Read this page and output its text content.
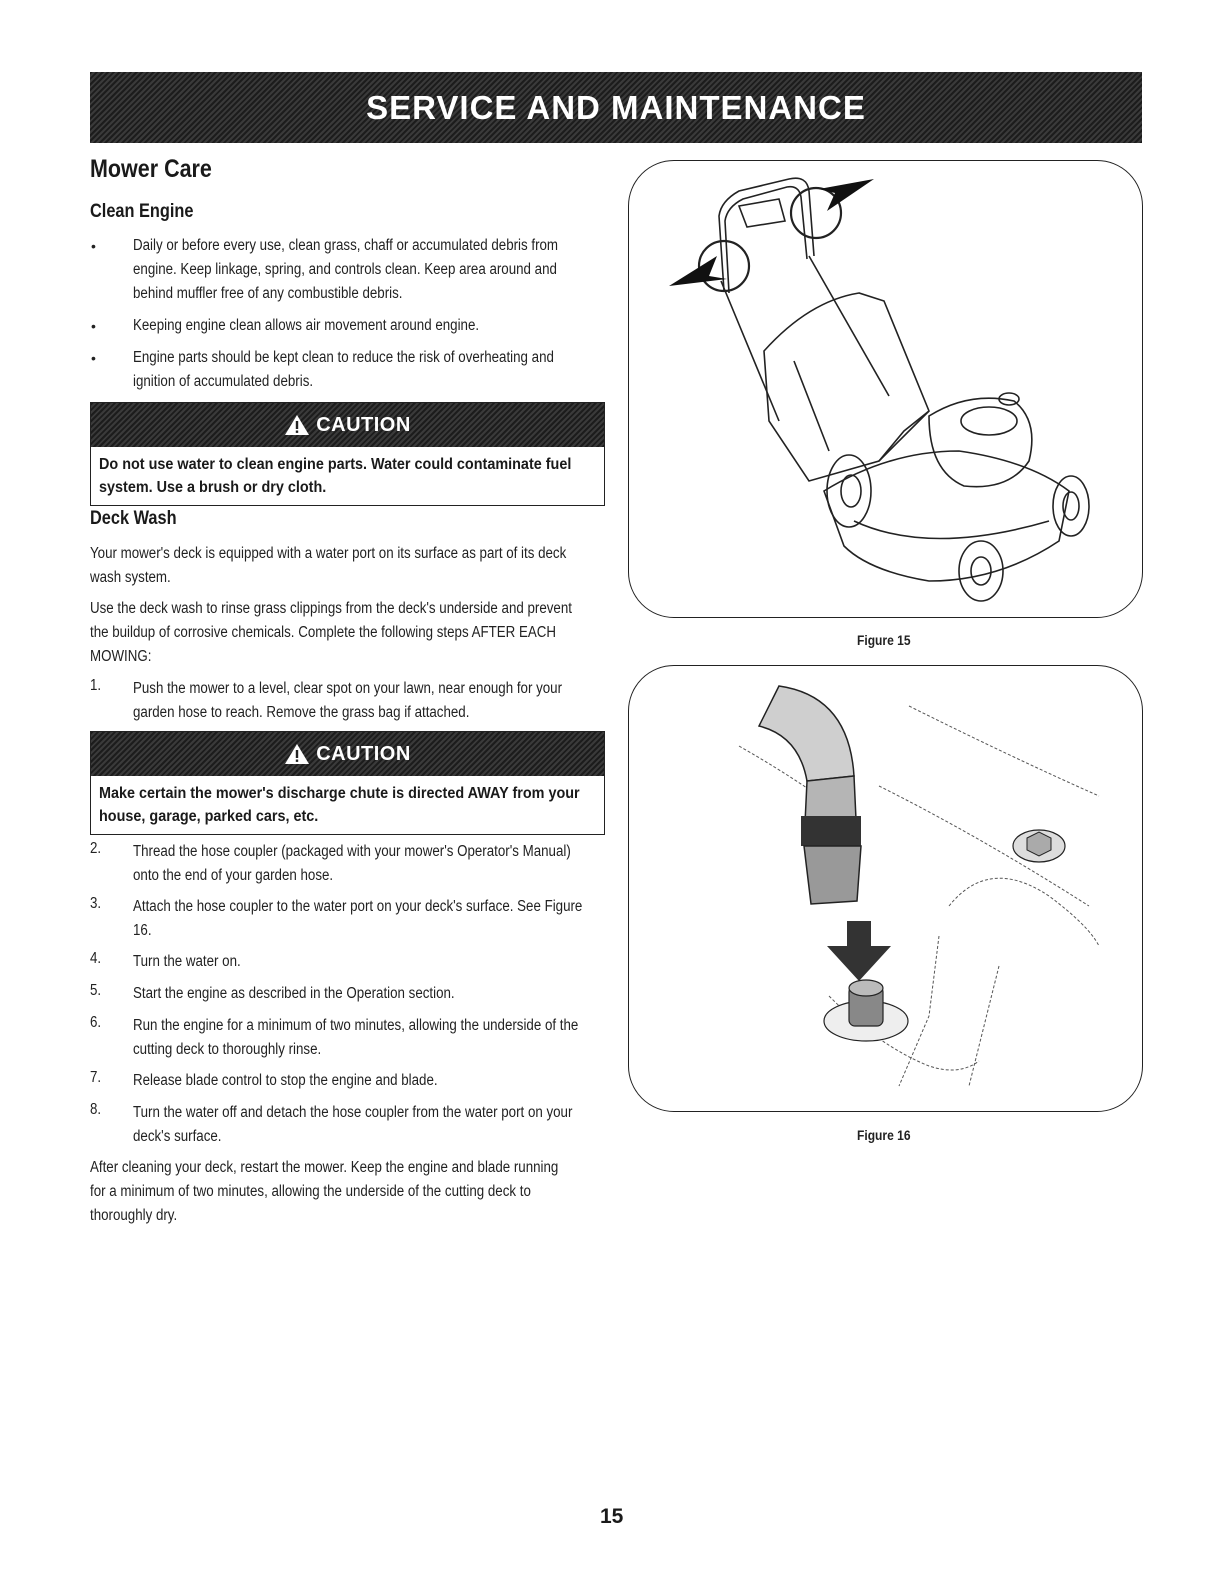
SERVICE AND MAINTENANCE
Mower Care
Clean Engine
• Daily or before every use, clean grass, chaff or accumulated debris from
engine. Keep linkage, spring, and controls clean. Keep area around and
behind muffler free of any combustible debris.

• Keeping engine clean allows air movement around engine.

• Engine parts should be kept clean to reduce the risk of overheating and
ignition of accumulated debris.

CAUTION

Do not use water to clean engine parts. Water could contaminate fuel

system. Use a brush or dry cloth.

Deck Wash

Your mower's deck is equipped with a water port on its surface as part of its deck
wash system.

Use the deck wash to rinse grass clippings from the deck's underside and prevent
the buildup of corrosive chemicals. Complete the following steps AFTER EACH
MOWING:

1. Push the mower to a level, clear spot on your lawn, near enough for your
garden hose to reach. Remove the grass bag if attached.

CAUTION

Make certain the mower's discharge chute is directed AWAY from your

house, garage, parked cars, etc.

2. Thread the hose coupler (packaged with your mower's Operator's Manual)
onto the end of your garden hose.

3. Attach the hose coupler to the water port on your deck's surface. See Figure
16.

4. Turn the water on.

5. Start the engine as described in the Operation section.

6. Run the engine for a minimum of two minutes, allowing the underside of the
cutting deck to thoroughly rinse.

7. Release blade control to stop the engine and blade.

8. Turn the water off and detach the hose coupler from the water port on your
deck's surface.

After cleaning your deck, restart the mower. Keep the engine and blade running
for a minimum of two minutes, allowing the underside of the cutting deck to
thoroughly dry.

Figure 15
Figure 16
15
